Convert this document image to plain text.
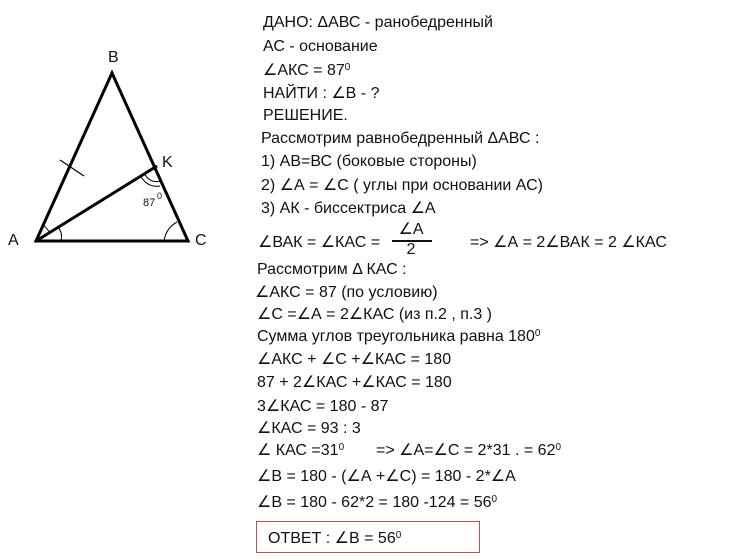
B
K
A	C
87
0
ДАНО: ΔАВС - ранобедренный
АС - основание
∠АКС = $87^0$
НАЙТИ : ∠В - ?
РЕШЕНИЕ.
Рассмотрим равнобедренный ΔАВС :
1) АВ=ВС (боковые стороны)
2) ∠А = ∠С ( углы при основании АС)
3) АК - биссектриса ∠А
∠ВАК = ∠КАС =
∠А
2	=> ∠А = 2∠ВАК = 2 ∠КАС
Рассмотрим Δ КАС :
∠АКС = 87 (по условию)
∠С =∠А = 2∠КАС (из п.2 , п.3 )
Сумма углов треугольника равна $180^0$
∠АКС + ∠С +∠КАС = 180
87 + 2∠КАС +∠КАС = 180
3∠КАС = 180 - 87
∠КАС = 93 : 3
∠ КАС $=31^0$ => ∠А=∠С = 2*31 . = $62^0$
∠В = 180 - (∠А +∠С) = 180 - 2*∠А
∠В = 180 - 62*2 = 180 $-124 = 56^0$
ОТВЕТ : ∠В = $56^0$
